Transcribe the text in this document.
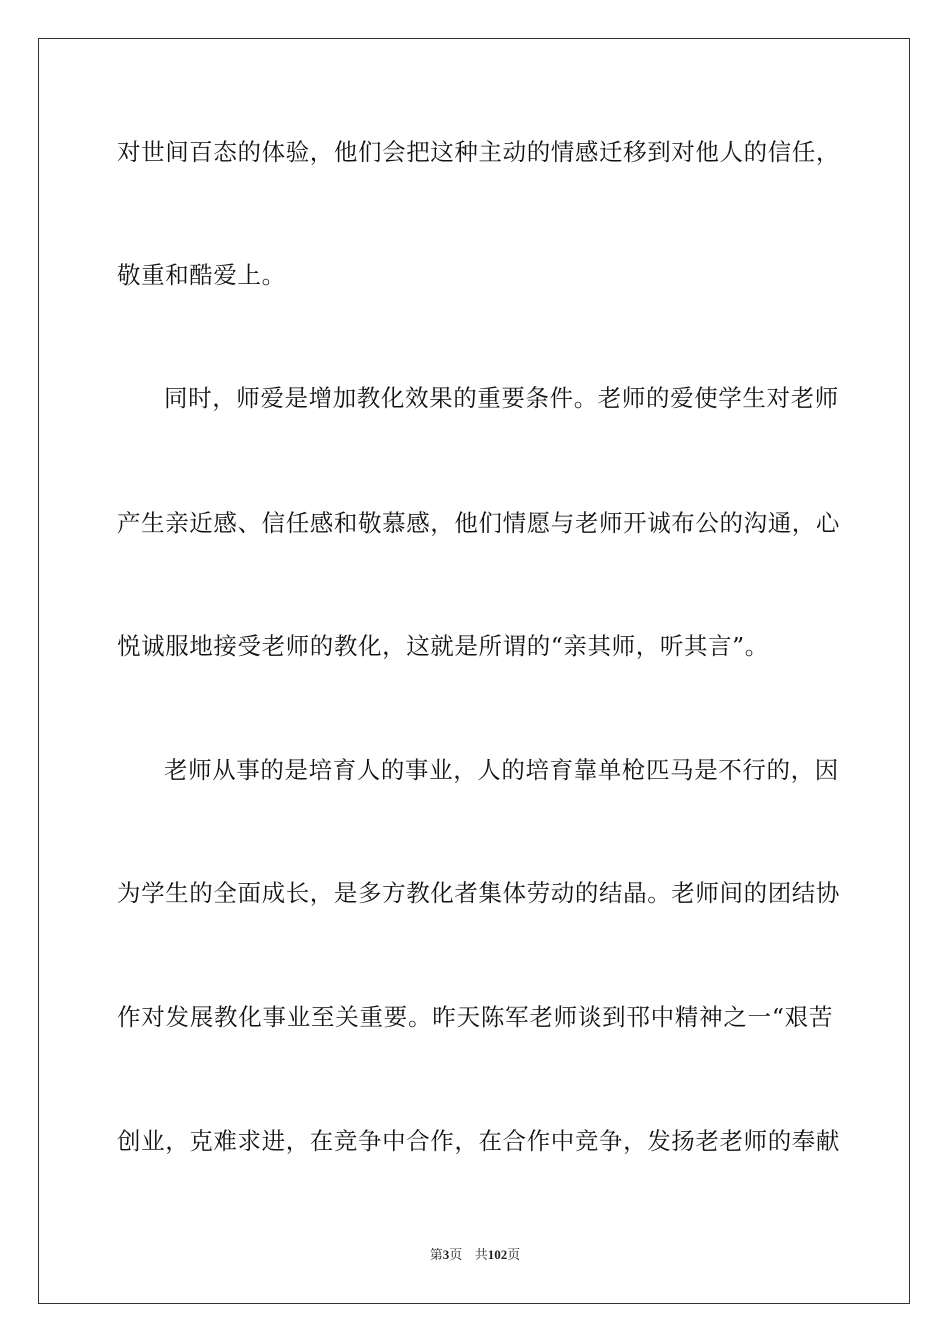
对世间百态的体验，他们会把这种主动的情感迁移到对他人的信任，
敬重和酷爱上。
同时，师爱是增加教化效果的重要条件。老师的爱使学生对老师
产生亲近感、信任感和敬慕感，他们情愿与老师开诚布公的沟通，心
悦诚服地接受老师的教化，这就是所谓的“亲其师，听其言”。
老师从事的是培育人的事业，人的培育靠单枪匹马是不行的，因
为学生的全面成长，是多方教化者集体劳动的结晶。老师间的团结协
作对发展教化事业至关重要。昨天陈军老师谈到邗中精神之一“艰苦
创业，克难求进，在竞争中合作，在合作中竞争，发扬老老师的奉献
第3页 共102页
